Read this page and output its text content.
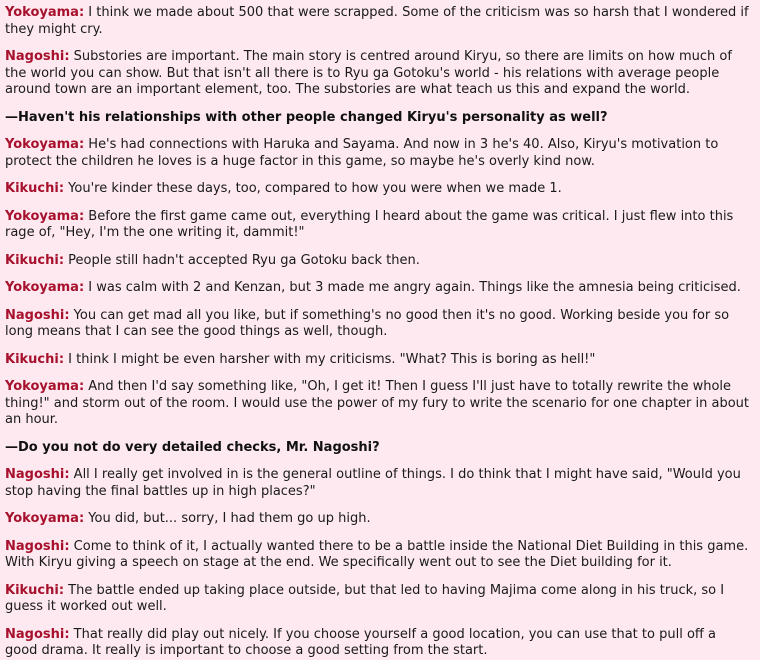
Yokoyama: I think we made about 500 that were scrapped. Some of the criticism was so harsh that I wondered if they might cry.

Nagoshi: Substories are important. The main story is centred around Kiryu, so there are limits on how much of the world you can show. But that isn't all there is to Ryu ga Gotoku's world - his relations with average people around town are an important element, too. The substories are what teach us this and expand the world.

—Haven't his relationships with other people changed Kiryu's personality as well?

Yokoyama: He's had connections with Haruka and Sayama. And now in 3 he's 40. Also, Kiryu's motivation to protect the children he loves is a huge factor in this game, so maybe he's overly kind now.

Kikuchi: You're kinder these days, too, compared to how you were when we made 1.

Yokoyama: Before the first game came out, everything I heard about the game was critical. I just flew into this rage of, "Hey, I'm the one writing it, dammit!"

Kikuchi: People still hadn't accepted Ryu ga Gotoku back then.

Yokoyama: I was calm with 2 and Kenzan, but 3 made me angry again. Things like the amnesia being criticised.

Nagoshi: You can get mad all you like, but if something's no good then it's no good. Working beside you for so long means that I can see the good things as well, though.

Kikuchi: I think I might be even harsher with my criticisms. "What? This is boring as hell!"

Yokoyama: And then I'd say something like, "Oh, I get it! Then I guess I'll just have to totally rewrite the whole thing!" and storm out of the room. I would use the power of my fury to write the scenario for one chapter in about an hour.

—Do you not do very detailed checks, Mr. Nagoshi?

Nagoshi: All I really get involved in is the general outline of things. I do think that I might have said, "Would you stop having the final battles up in high places?"

Yokoyama: You did, but... sorry, I had them go up high.

Nagoshi: Come to think of it, I actually wanted there to be a battle inside the National Diet Building in this game. With Kiryu giving a speech on stage at the end. We specifically went out to see the Diet building for it.

Kikuchi: The battle ended up taking place outside, but that led to having Majima come along in his truck, so I guess it worked out well.

Nagoshi: That really did play out nicely. If you choose yourself a good location, you can use that to pull off a good drama. It really is important to choose a good setting from the start.
